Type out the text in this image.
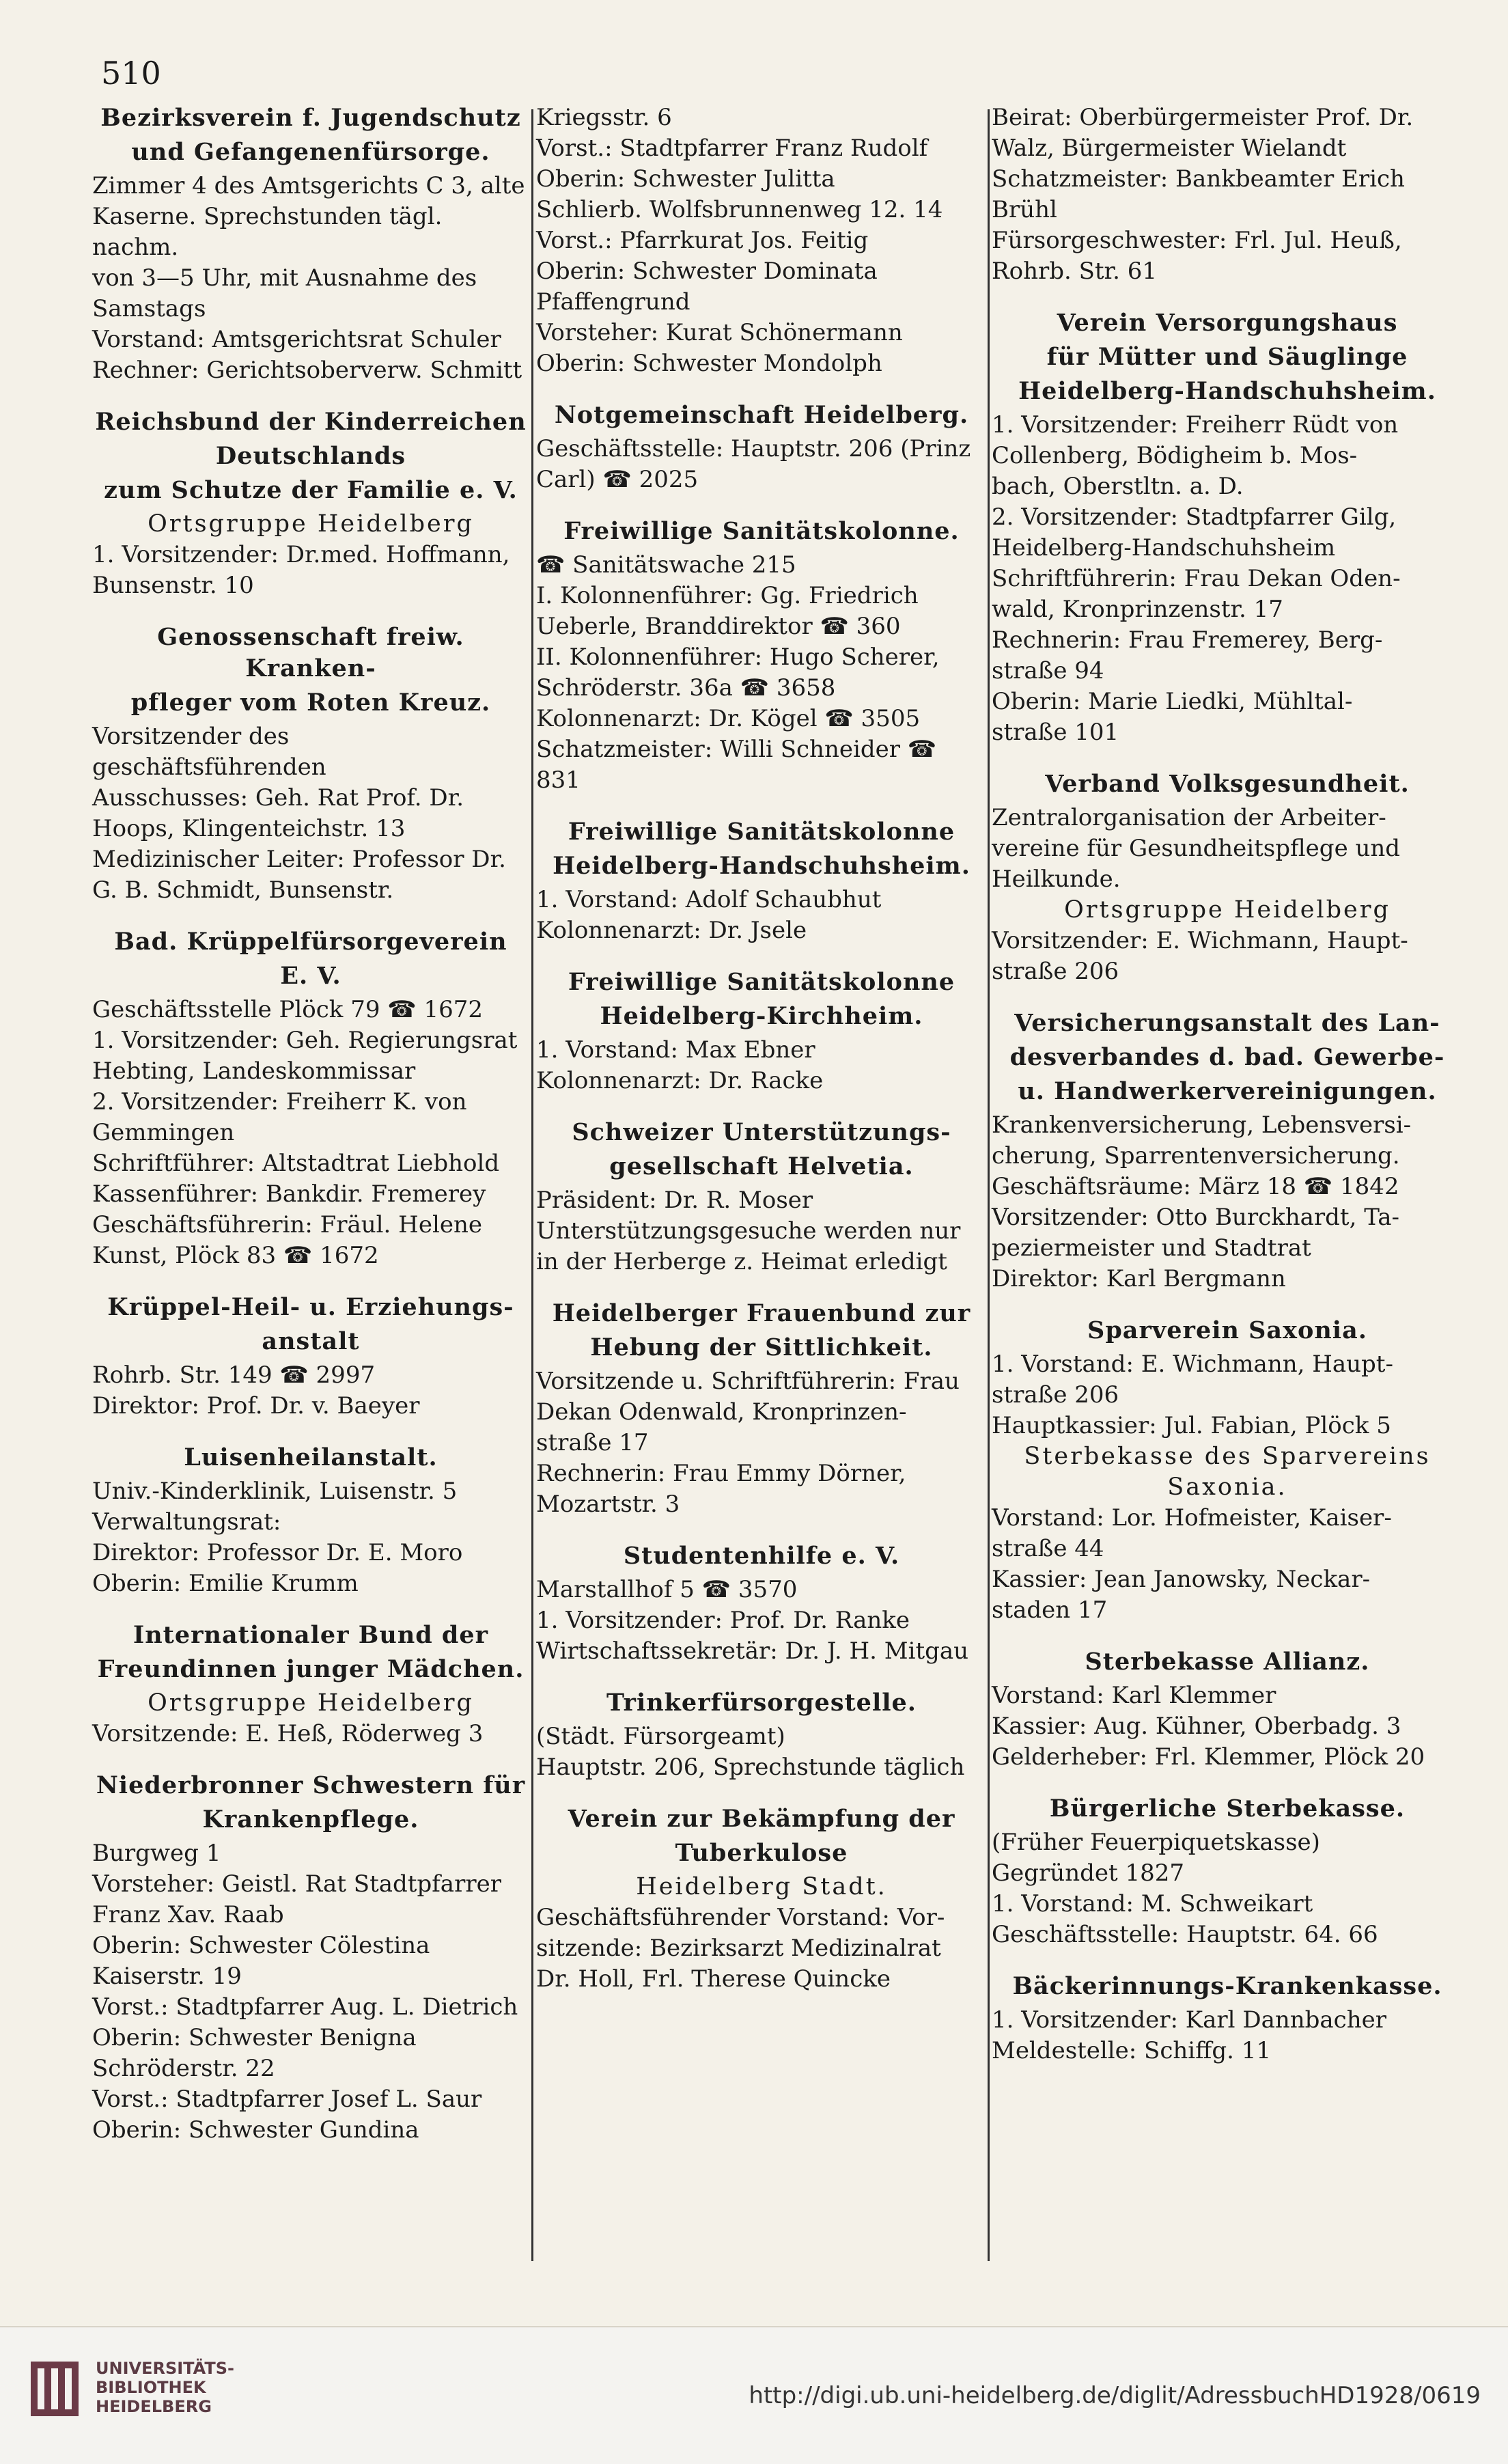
510
Bezirksverein f. Jugendschutz
und Gefangenenfürsorge.
Zimmer 4 des Amtsgerichts C 3, alte
Kaserne. Sprechstunden tägl. nachm.
von 3—5 Uhr, mit Ausnahme des
Samstags
Vorstand: Amtsgerichtsrat Schuler
Rechner: Gerichtsoberverw. Schmitt
Reichsbund der Kinderreichen
Deutschlands
zum Schutze der Familie e. V.
Ortsgruppe Heidelberg
1. Vorsitzender: Dr.med. Hoffmann,
Bunsenstr. 10
Genossenschaft freiw. Kranken-
pfleger vom Roten Kreuz.
Vorsitzender des geschäftsführenden
Ausschusses: Geh. Rat Prof. Dr.
Hoops, Klingenteichstr. 13
Medizinischer Leiter: Professor Dr.
G. B. Schmidt, Bunsenstr.
Bad. Krüppelfürsorgeverein
E. V.
Geschäftsstelle Plöck 79 ☎ 1672
1. Vorsitzender: Geh. Regierungsrat
Hebting, Landeskommissar
2. Vorsitzender: Freiherr K. von
Gemmingen
Schriftführer: Altstadtrat Liebhold
Kassenführer: Bankdir. Fremerey
Geschäftsführerin: Fräul. Helene
Kunst, Plöck 83 ☎ 1672
Krüppel-Heil- u. Erziehungs-
anstalt
Rohrb. Str. 149 ☎ 2997
Direktor: Prof. Dr. v. Baeyer
Luisenheilanstalt.
Univ.-Kinderklinik, Luisenstr. 5
Verwaltungsrat:
Direktor: Professor Dr. E. Moro
Oberin: Emilie Krumm
Internationaler Bund der
Freundinnen junger Mädchen.
Ortsgruppe Heidelberg
Vorsitzende: E. Heß, Röderweg 3
Niederbronner Schwestern für
Krankenpflege.
Burgweg 1
Vorsteher: Geistl. Rat Stadtpfarrer
Franz Xav. Raab
Oberin: Schwester Cölestina
Kaiserstr. 19
Vorst.: Stadtpfarrer Aug. L. Dietrich
Oberin: Schwester Benigna
Schröderstr. 22
Vorst.: Stadtpfarrer Josef L. Saur
Oberin: Schwester Gundina
Kriegsstr. 6
Vorst.: Stadtpfarrer Franz Rudolf
Oberin: Schwester Julitta
Schlierb. Wolfsbrunnenweg 12. 14
Vorst.: Pfarrkurat Jos. Feitig
Oberin: Schwester Dominata
Pfaffengrund
Vorsteher: Kurat Schönermann
Oberin: Schwester Mondolph
Notgemeinschaft Heidelberg.
Geschäftsstelle: Hauptstr. 206 (Prinz
Carl) ☎ 2025
Freiwillige Sanitätskolonne.
☎ Sanitätswache 215
I. Kolonnenführer: Gg. Friedrich
Ueberle, Branddirektor ☎ 360
II. Kolonnenführer: Hugo Scherer,
Schröderstr. 36a ☎ 3658
Kolonnenarzt: Dr. Kögel ☎ 3505
Schatzmeister: Willi Schneider ☎
831
Freiwillige Sanitätskolonne
Heidelberg-Handschuhsheim.
1. Vorstand: Adolf Schaubhut
Kolonnenarzt: Dr. Jsele
Freiwillige Sanitätskolonne
Heidelberg-Kirchheim.
1. Vorstand: Max Ebner
Kolonnenarzt: Dr. Racke
Schweizer Unterstützungs-
gesellschaft Helvetia.
Präsident: Dr. R. Moser
Unterstützungsgesuche werden nur
in der Herberge z. Heimat erledigt
Heidelberger Frauenbund zur
Hebung der Sittlichkeit.
Vorsitzende u. Schriftführerin: Frau
Dekan Odenwald, Kronprinzen-
straße 17
Rechnerin: Frau Emmy Dörner,
Mozartstr. 3
Studentenhilfe e. V.
Marstallhof 5 ☎ 3570
1. Vorsitzender: Prof. Dr. Ranke
Wirtschaftssekretär: Dr. J. H. Mitgau
Trinkerfürsorgestelle.
(Städt. Fürsorgeamt)
Hauptstr. 206, Sprechstunde täglich
Verein zur Bekämpfung der
Tuberkulose
Heidelberg Stadt.
Geschäftsführender Vorstand: Vor-
sitzende: Bezirksarzt Medizinalrat
Dr. Holl, Frl. Therese Quincke
Beirat: Oberbürgermeister Prof. Dr.
Walz, Bürgermeister Wielandt
Schatzmeister: Bankbeamter Erich
Brühl
Fürsorgeschwester: Frl. Jul. Heuß,
Rohrb. Str. 61
Verein Versorgungshaus
für Mütter und Säuglinge
Heidelberg-Handschuhsheim.
1. Vorsitzender: Freiherr Rüdt von
Collenberg, Bödigheim b. Mos-
bach, Oberstltn. a. D.
2. Vorsitzender: Stadtpfarrer Gilg,
Heidelberg-Handschuhsheim
Schriftführerin: Frau Dekan Oden-
wald, Kronprinzenstr. 17
Rechnerin: Frau Fremerey, Berg-
straße 94
Oberin: Marie Liedki, Mühltal-
straße 101
Verband Volksgesundheit.
Zentralorganisation der Arbeiter-
vereine für Gesundheitspflege und
Heilkunde.
Ortsgruppe Heidelberg
Vorsitzender: E. Wichmann, Haupt-
straße 206
Versicherungsanstalt des Lan-
desverbandes d. bad. Gewerbe-
u. Handwerkervereinigungen.
Krankenversicherung, Lebensversi-
cherung, Sparrentenversicherung.
Geschäftsräume: März 18 ☎ 1842
Vorsitzender: Otto Burckhardt, Ta-
peziermeister und Stadtrat
Direktor: Karl Bergmann
Sparverein Saxonia.
1. Vorstand: E. Wichmann, Haupt-
straße 206
Hauptkassier: Jul. Fabian, Plöck 5
Sterbekasse des Sparvereins Saxonia.
Vorstand: Lor. Hofmeister, Kaiser-
straße 44
Kassier: Jean Janowsky, Neckar-
staden 17
Sterbekasse Allianz.
Vorstand: Karl Klemmer
Kassier: Aug. Kühner, Oberbadg. 3
Gelderheber: Frl. Klemmer, Plöck 20
Bürgerliche Sterbekasse.
(Früher Feuerpiquetskasse)
Gegründet 1827
1. Vorstand: M. Schweikart
Geschäftsstelle: Hauptstr. 64. 66
Bäckerinnungs-Krankenkasse.
1. Vorsitzender: Karl Dannbacher
Meldestelle: Schiffg. 11
UNIVERSITÄTS-
BIBLIOTHEK
HEIDELBERG	http://digi.ub.uni-heidelberg.de/diglit/AdressbuchHD1928/0619
